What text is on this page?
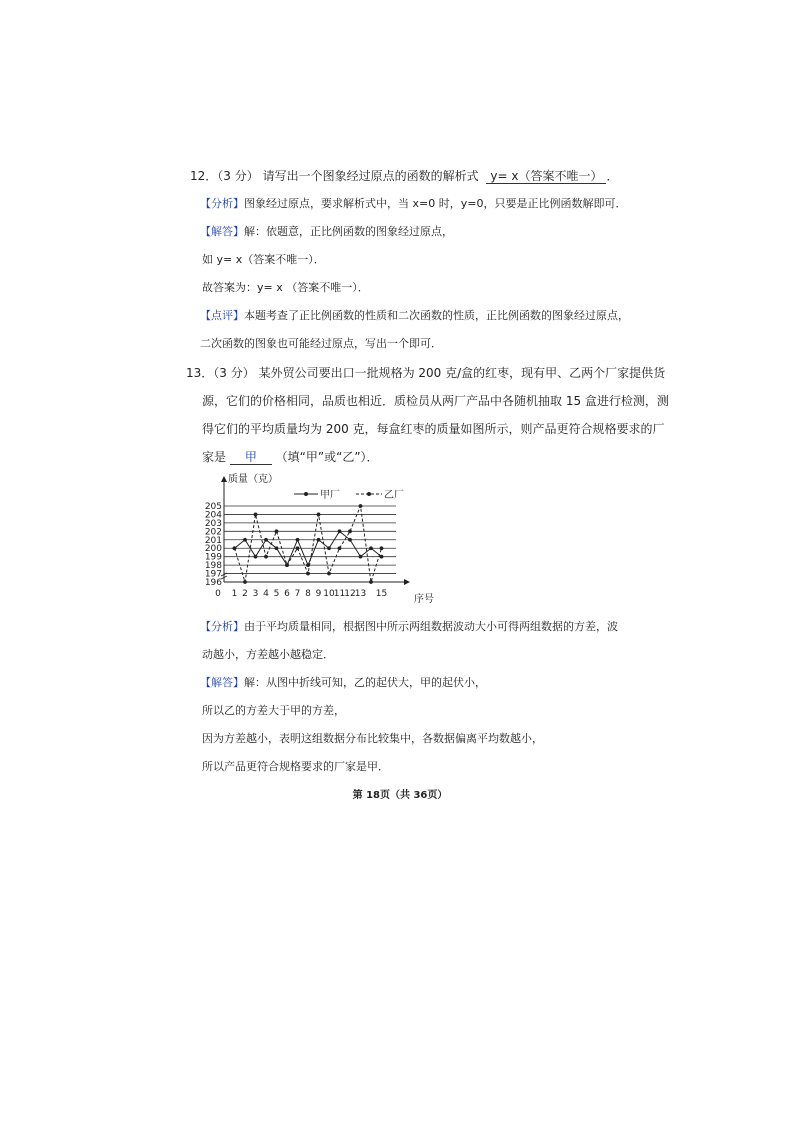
12．（3 分） 请写出一个图象经过原点的函数的解析式 y= x（答案不唯一） ．
【分析】图象经过原点，要求解析式中，当 x=0 时，y=0，只要是正比例函数解即可．
【解答】解：依题意，正比例函数的图象经过原点，
如 y= x（答案不唯一）．
故答案为：y= x （答案不唯一）．
【点评】本题考查了正比例函数的性质和二次函数的性质，正比例函数的图象经过原点，
二次函数的图象也可能经过原点，写出一个即可．
13．（3 分） 某外贸公司要出口一批规格为 200 克/盒的红枣，现有甲、乙两个厂家提供货
源，它们的价格相同，品质也相近．质检员从两厂产品中各随机抽取 15 盒进行检测，测
得它们的平均质量均为 200 克，每盒红枣的质量如图所示，则产品更符合规格要求的厂
家是 甲 （填“甲”或“乙”）．
205
204
203
202
201
200
199
198
197
196
0 1 2 3 4 5 6 7 8 9 10 11 12 13 15
质量（克）
序号
甲厂	乙厂
【分析】由于平均质量相同，根据图中所示两组数据波动大小可得两组数据的方差，波
动越小，方差越小越稳定．
【解答】解：从图中折线可知，乙的起伏大，甲的起伏小，
所以乙的方差大于甲的方差，
因为方差越小，表明这组数据分布比较集中，各数据偏离平均数越小，
所以产品更符合规格要求的厂家是甲．
第 18页（共 36页）
